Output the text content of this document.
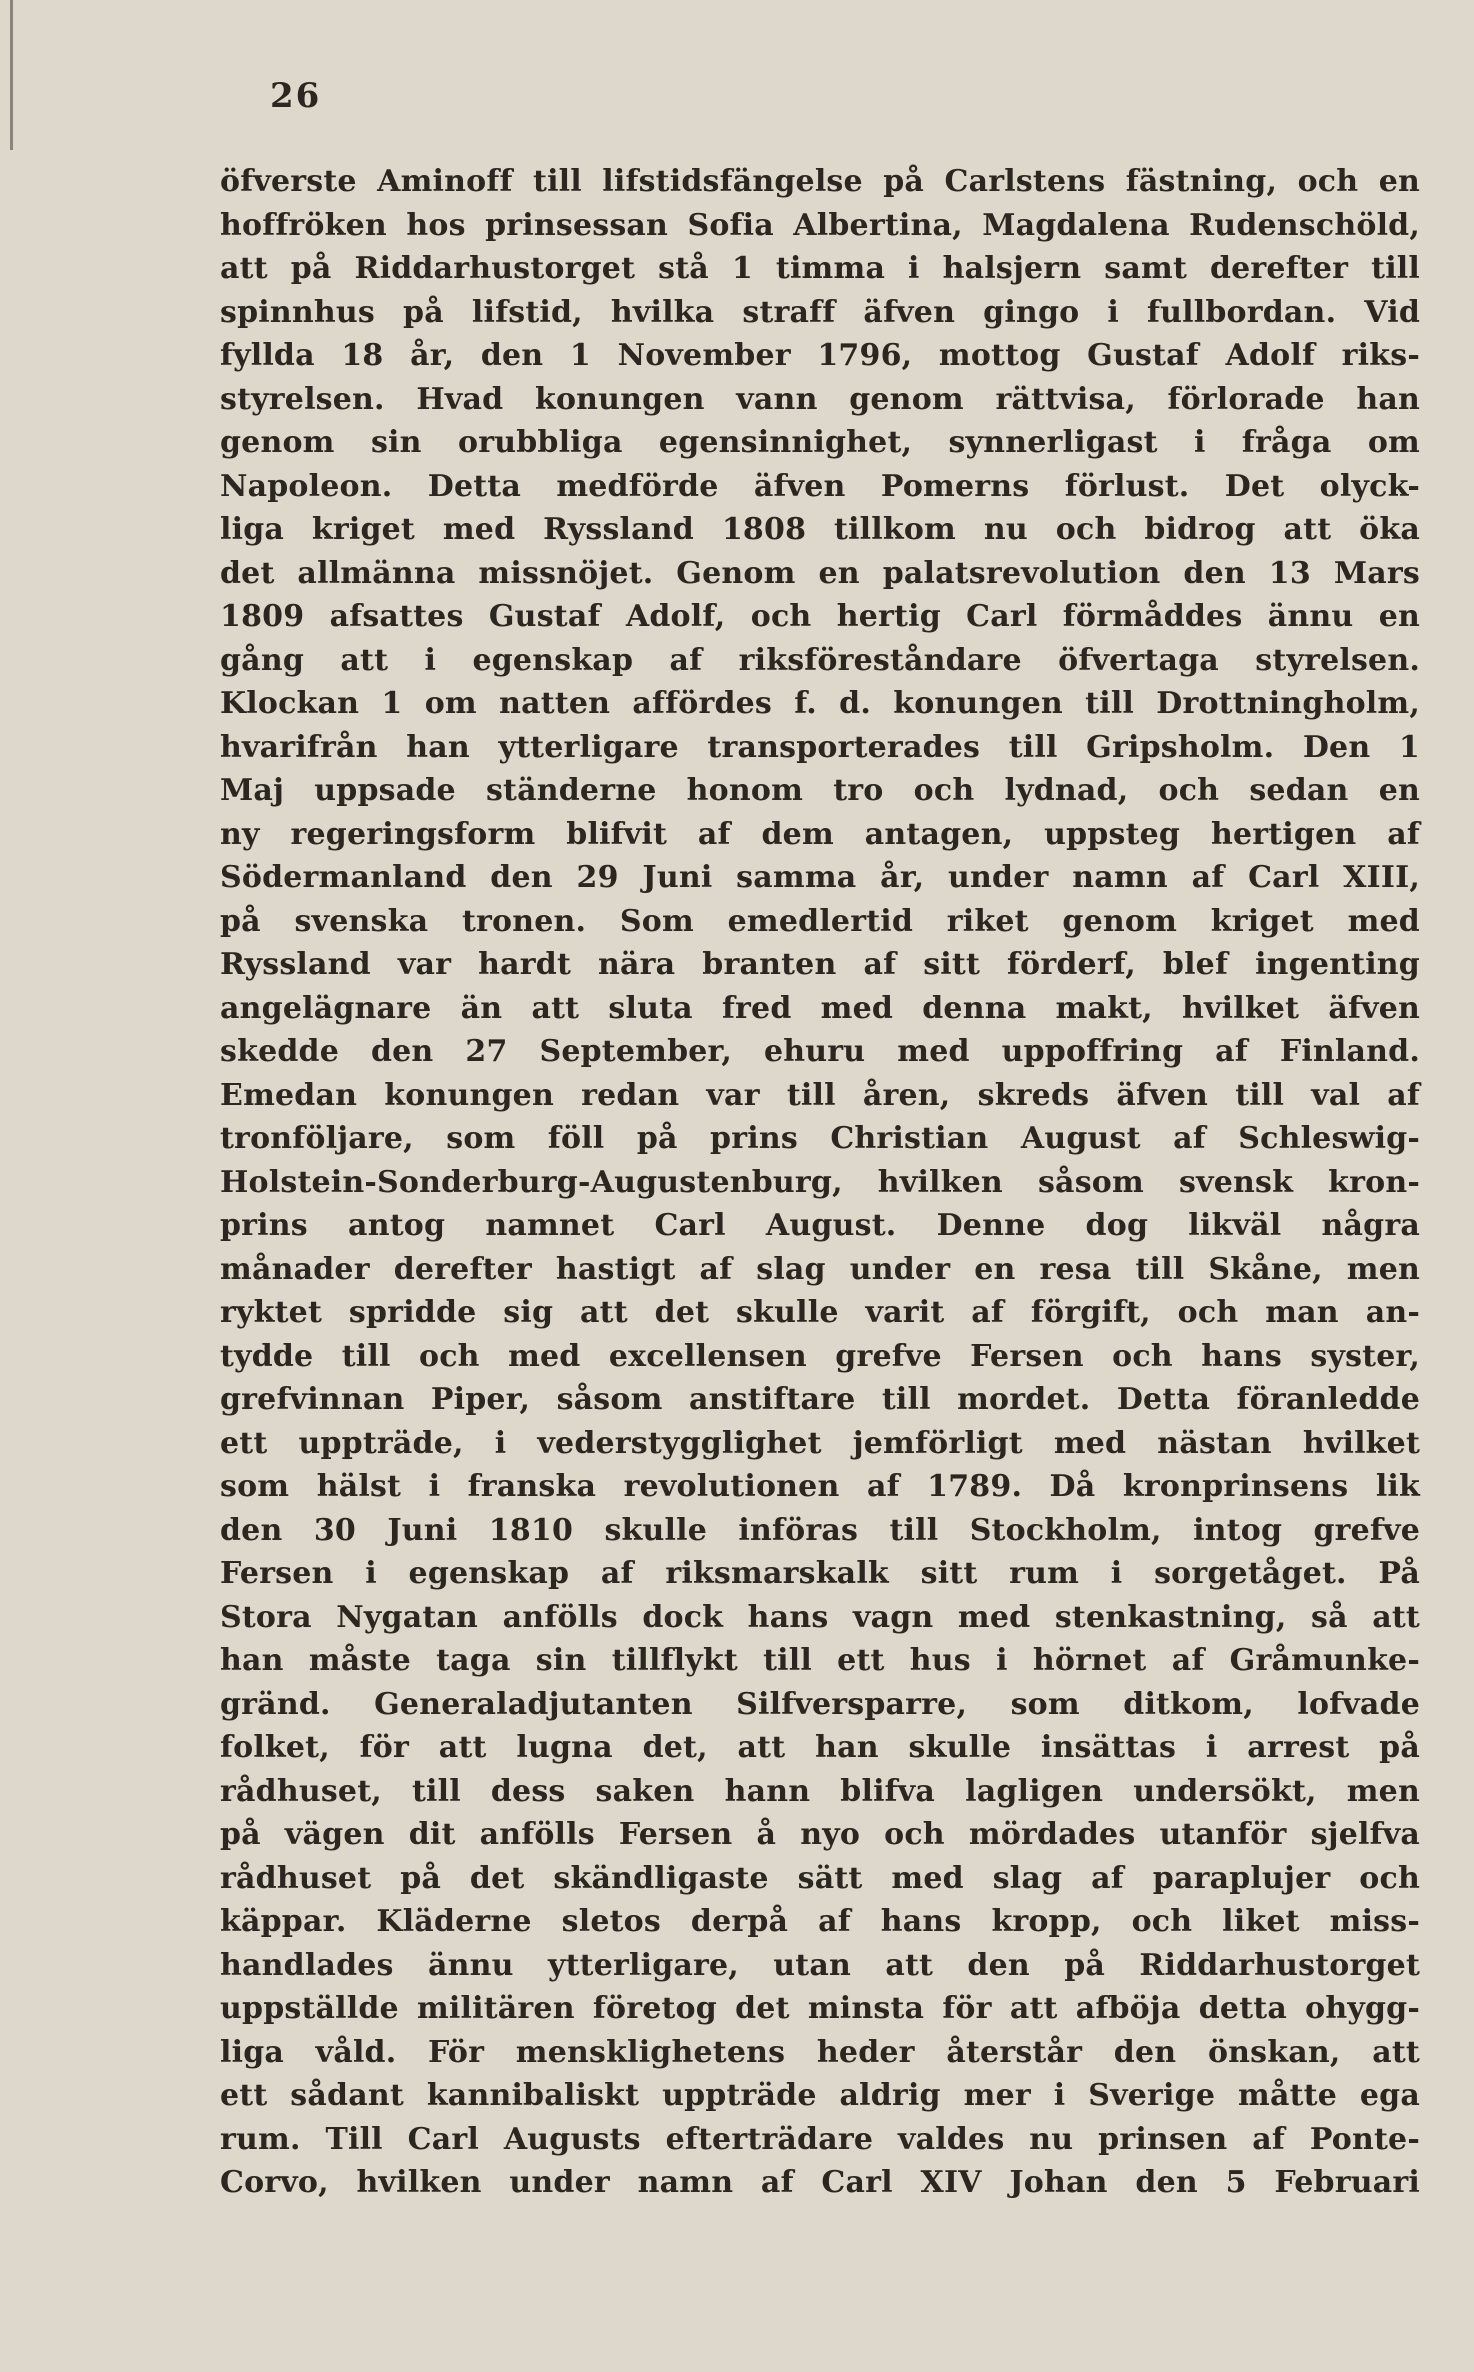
26

öfverste Aminoff till lifstidsfängelse på Carlstens fästning, och en
hoffröken hos prinsessan Sofia Albertina, Magdalena Rudenschöld,
att på Riddarhustorget stå 1 timma i halsjern samt derefter till
spinnhus på lifstid, hvilka straff äfven gingo i fullbordan. Vid
fyllda 18 år, den 1 November 1796, mottog Gustaf Adolf riks-
styrelsen. Hvad konungen vann genom rättvisa, förlorade han
genom sin orubbliga egensinnighet, synnerligast i fråga om
Napoleon. Detta medförde äfven Pomerns förlust. Det olyck-
liga kriget med Ryssland 1808 tillkom nu och bidrog att öka
det allmänna missnöjet. Genom en palatsrevolution den 13 Mars
1809 afsattes Gustaf Adolf, och hertig Carl förmåddes ännu en
gång att i egenskap af riksföreståndare öfvertaga styrelsen.
Klockan 1 om natten affördes f. d. konungen till Drottningholm,
hvarifrån han ytterligare transporterades till Gripsholm. Den 1
Maj uppsade ständerne honom tro och lydnad, och sedan en
ny regeringsform blifvit af dem antagen, uppsteg hertigen af
Södermanland den 29 Juni samma år, under namn af Carl XIII,
på svenska tronen. Som emedlertid riket genom kriget med
Ryssland var hardt nära branten af sitt förderf, blef ingenting
angelägnare än att sluta fred med denna makt, hvilket äfven
skedde den 27 September, ehuru med uppoffring af Finland.
Emedan konungen redan var till åren, skreds äfven till val af
tronföljare, som föll på prins Christian August af Schleswig-
Holstein-Sonderburg-Augustenburg, hvilken såsom svensk kron-
prins antog namnet Carl August. Denne dog likväl några
månader derefter hastigt af slag under en resa till Skåne, men
ryktet spridde sig att det skulle varit af förgift, och man an-
tydde till och med excellensen grefve Fersen och hans syster,
grefvinnan Piper, såsom anstiftare till mordet. Detta föranledde
ett uppträde, i vederstygglighet jemförligt med nästan hvilket
som hälst i franska revolutionen af 1789. Då kronprinsens lik
den 30 Juni 1810 skulle införas till Stockholm, intog grefve
Fersen i egenskap af riksmarskalk sitt rum i sorgetåget. På
Stora Nygatan anfölls dock hans vagn med stenkastning, så att
han måste taga sin tillflykt till ett hus i hörnet af Gråmunke-
gränd. Generaladjutanten Silfversparre, som ditkom, lofvade
folket, för att lugna det, att han skulle insättas i arrest på
rådhuset, till dess saken hann blifva lagligen undersökt, men
på vägen dit anfölls Fersen å nyo och mördades utanför sjelfva
rådhuset på det skändligaste sätt med slag af paraplujer och
käppar. Kläderne sletos derpå af hans kropp, och liket miss-
handlades ännu ytterligare, utan att den på Riddarhustorget
uppställde militären företog det minsta för att afböja detta ohygg-
liga våld. För mensklighetens heder återstår den önskan, att
ett sådant kannibaliskt uppträde aldrig mer i Sverige måtte ega
rum. Till Carl Augusts efterträdare valdes nu prinsen af Ponte-
Corvo, hvilken under namn af Carl XIV Johan den 5 Februari
